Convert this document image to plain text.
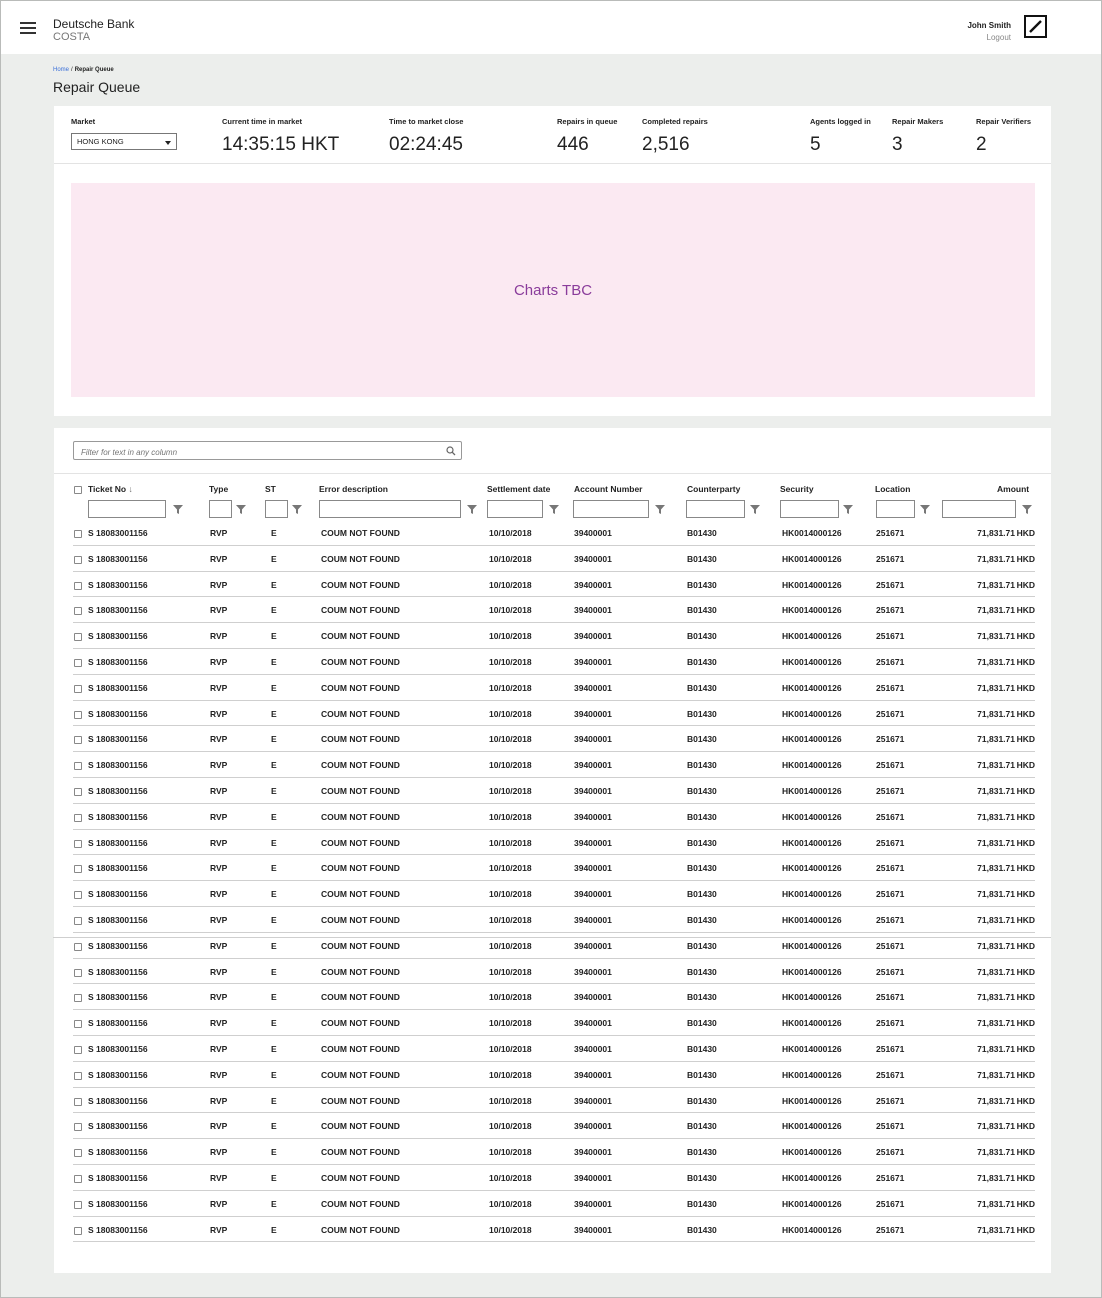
Deutsche Bank
COSTA
John Smith
Logout
Home / Repair Queue
Repair Queue
Market
HONG KONG
Current time in market
14:35:15 HKT
Time to market close
02:24:45
Repairs in queue
446
Completed repairs
2,516
Agents logged in
5
Repair Makers
3
Repair Verifiers
2
Charts TBC
Filter for text in any column
Ticket No ↓	Type	ST	Error description	Settlement date	Account Number	Counterparty	Security	Location	Amount
S 18083001156	RVP	E	COUM NOT FOUND	10/10/2018	39400001	B01430	HK0014000126	251671	71,831.71 HKD
S 18083001156	RVP	E	COUM NOT FOUND	10/10/2018	39400001	B01430	HK0014000126	251671	71,831.71 HKD
S 18083001156	RVP	E	COUM NOT FOUND	10/10/2018	39400001	B01430	HK0014000126	251671	71,831.71 HKD
S 18083001156	RVP	E	COUM NOT FOUND	10/10/2018	39400001	B01430	HK0014000126	251671	71,831.71 HKD
S 18083001156	RVP	E	COUM NOT FOUND	10/10/2018	39400001	B01430	HK0014000126	251671	71,831.71 HKD
S 18083001156	RVP	E	COUM NOT FOUND	10/10/2018	39400001	B01430	HK0014000126	251671	71,831.71 HKD
S 18083001156	RVP	E	COUM NOT FOUND	10/10/2018	39400001	B01430	HK0014000126	251671	71,831.71 HKD
S 18083001156	RVP	E	COUM NOT FOUND	10/10/2018	39400001	B01430	HK0014000126	251671	71,831.71 HKD
S 18083001156	RVP	E	COUM NOT FOUND	10/10/2018	39400001	B01430	HK0014000126	251671	71,831.71 HKD
S 18083001156	RVP	E	COUM NOT FOUND	10/10/2018	39400001	B01430	HK0014000126	251671	71,831.71 HKD
S 18083001156	RVP	E	COUM NOT FOUND	10/10/2018	39400001	B01430	HK0014000126	251671	71,831.71 HKD
S 18083001156	RVP	E	COUM NOT FOUND	10/10/2018	39400001	B01430	HK0014000126	251671	71,831.71 HKD
S 18083001156	RVP	E	COUM NOT FOUND	10/10/2018	39400001	B01430	HK0014000126	251671	71,831.71 HKD
S 18083001156	RVP	E	COUM NOT FOUND	10/10/2018	39400001	B01430	HK0014000126	251671	71,831.71 HKD
S 18083001156	RVP	E	COUM NOT FOUND	10/10/2018	39400001	B01430	HK0014000126	251671	71,831.71 HKD
S 18083001156	RVP	E	COUM NOT FOUND	10/10/2018	39400001	B01430	HK0014000126	251671	71,831.71 HKD
S 18083001156	RVP	E	COUM NOT FOUND	10/10/2018	39400001	B01430	HK0014000126	251671	71,831.71 HKD
S 18083001156	RVP	E	COUM NOT FOUND	10/10/2018	39400001	B01430	HK0014000126	251671	71,831.71 HKD
S 18083001156	RVP	E	COUM NOT FOUND	10/10/2018	39400001	B01430	HK0014000126	251671	71,831.71 HKD
S 18083001156	RVP	E	COUM NOT FOUND	10/10/2018	39400001	B01430	HK0014000126	251671	71,831.71 HKD
S 18083001156	RVP	E	COUM NOT FOUND	10/10/2018	39400001	B01430	HK0014000126	251671	71,831.71 HKD
S 18083001156	RVP	E	COUM NOT FOUND	10/10/2018	39400001	B01430	HK0014000126	251671	71,831.71 HKD
S 18083001156	RVP	E	COUM NOT FOUND	10/10/2018	39400001	B01430	HK0014000126	251671	71,831.71 HKD
S 18083001156	RVP	E	COUM NOT FOUND	10/10/2018	39400001	B01430	HK0014000126	251671	71,831.71 HKD
S 18083001156	RVP	E	COUM NOT FOUND	10/10/2018	39400001	B01430	HK0014000126	251671	71,831.71 HKD
S 18083001156	RVP	E	COUM NOT FOUND	10/10/2018	39400001	B01430	HK0014000126	251671	71,831.71 HKD
S 18083001156	RVP	E	COUM NOT FOUND	10/10/2018	39400001	B01430	HK0014000126	251671	71,831.71 HKD
S 18083001156	RVP	E	COUM NOT FOUND	10/10/2018	39400001	B01430	HK0014000126	251671	71,831.71 HKD
